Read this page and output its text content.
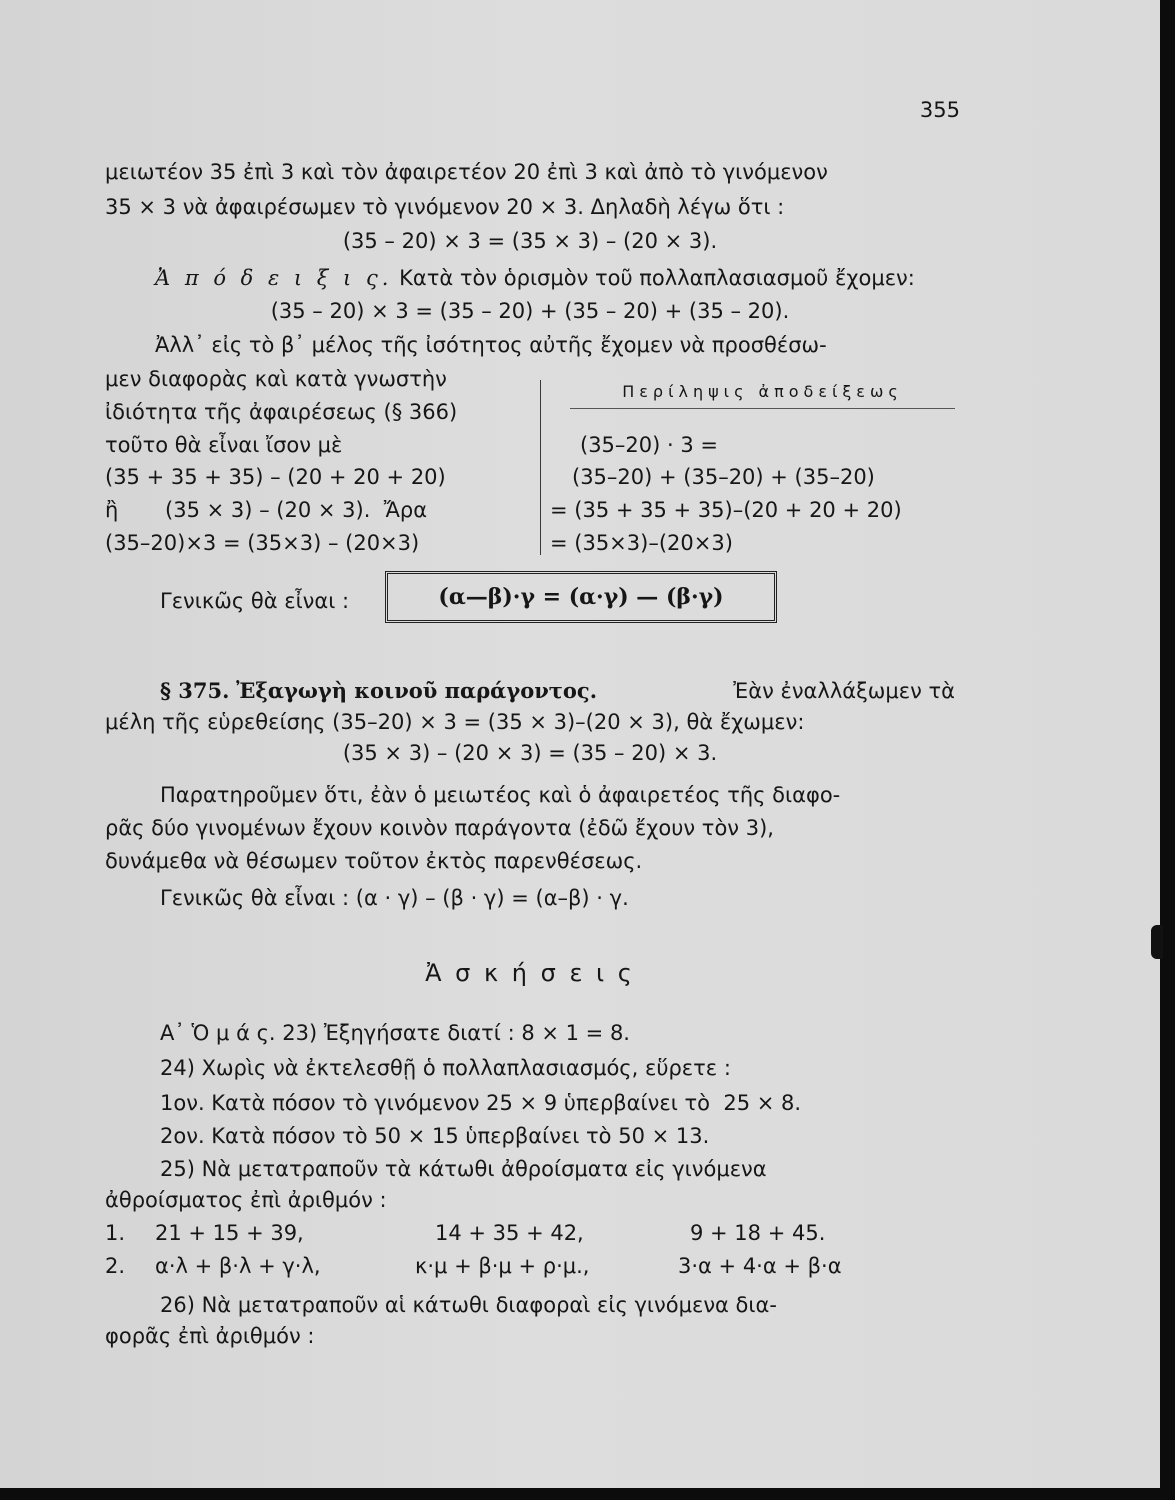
355
μειωτέον 35 ἐπὶ 3 καὶ τὸν ἀφαιρετέον 20 ἐπὶ 3 καὶ ἀπὸ τὸ γινόμενον
35 × 3 νὰ ἀφαιρέσωμεν τὸ γινόμενον 20 × 3. Δηλαδὴ λέγω ὅτι :
(35 – 20) × 3 = (35 × 3) – (20 × 3).
Ἀ π ό δ ε ι ξ ι ς. Κατὰ τὸν ὁρισμὸν τοῦ πολλαπλασιασμοῦ ἔχομεν:
(35 – 20) × 3 = (35 – 20) + (35 – 20) + (35 – 20).
Ἀλλ᾽ εἰς τὸ β᾽ μέλος τῆς ἰσότητος αὐτῆς ἔχομεν νὰ προσθέσω-
μεν διαφορὰς καὶ κατὰ γνωστὴν
ἰδιότητα τῆς ἀφαιρέσεως (§ 366)
τοῦτο θὰ εἶναι ἴσον μὲ
(35 + 35 + 35) – (20 + 20 + 20)
ἢ       (35 × 3) – (20 × 3).  Ἄρα
(35–20)×3 = (35×3) – (20×3)
Περίληψις ἀποδείξεως
(35–20) · 3 =
(35–20) + (35–20) + (35–20)
= (35 + 35 + 35)–(20 + 20 + 20)
= (35×3)–(20×3)
Γενικῶς θὰ εἶναι :	(α—β)·γ = (α·γ) — (β·γ)
§ 375. Ἐξαγωγὴ κοινοῦ παράγοντος.	Ἐὰν ἐναλλάξωμεν τὰ
μέλη τῆς εὑρεθείσης (35–20) × 3 = (35 × 3)–(20 × 3), θὰ ἔχωμεν:
(35 × 3) – (20 × 3) = (35 – 20) × 3.
Παρατηροῦμεν ὅτι, ἐὰν ὁ μειωτέος καὶ ὁ ἀφαιρετέος τῆς διαφο-
ρᾶς δύο γινομένων ἔχουν κοινὸν παράγοντα (ἐδῶ ἔχουν τὸν 3),
δυνάμεθα νὰ θέσωμεν τοῦτον ἐκτὸς παρενθέσεως.
Γενικῶς θὰ εἶναι : (α · γ) – (β · γ) = (α–β) · γ.
Ἀ σ κ ή σ ε ι ς
Α᾽ Ὁ μ ά ς. 23) Ἐξηγήσατε διατί : 8 × 1 = 8.
24) Χωρὶς νὰ ἐκτελεσθῇ ὁ πολλαπλασιασμός, εὕρετε :
1ον. Κατὰ πόσον τὸ γινόμενον 25 × 9 ὑπερβαίνει τὸ  25 × 8.
2ον. Κατὰ πόσον τὸ 50 × 15 ὑπερβαίνει τὸ 50 × 13.
25) Νὰ μετατραποῦν τὰ κάτωθι ἀθροίσματα εἰς γινόμενα
ἀθροίσματος ἐπὶ ἀριθμόν :
1. 21 + 15 + 39,	14 + 35 + 42,	9 + 18 + 45.
2. α·λ + β·λ + γ·λ,	κ·μ + β·μ + ρ·μ.,	3·α + 4·α + β·α
26) Νὰ μετατραποῦν αἱ κάτωθι διαφοραὶ εἰς γινόμενα δια-
φορᾶς ἐπὶ ἀριθμόν :
